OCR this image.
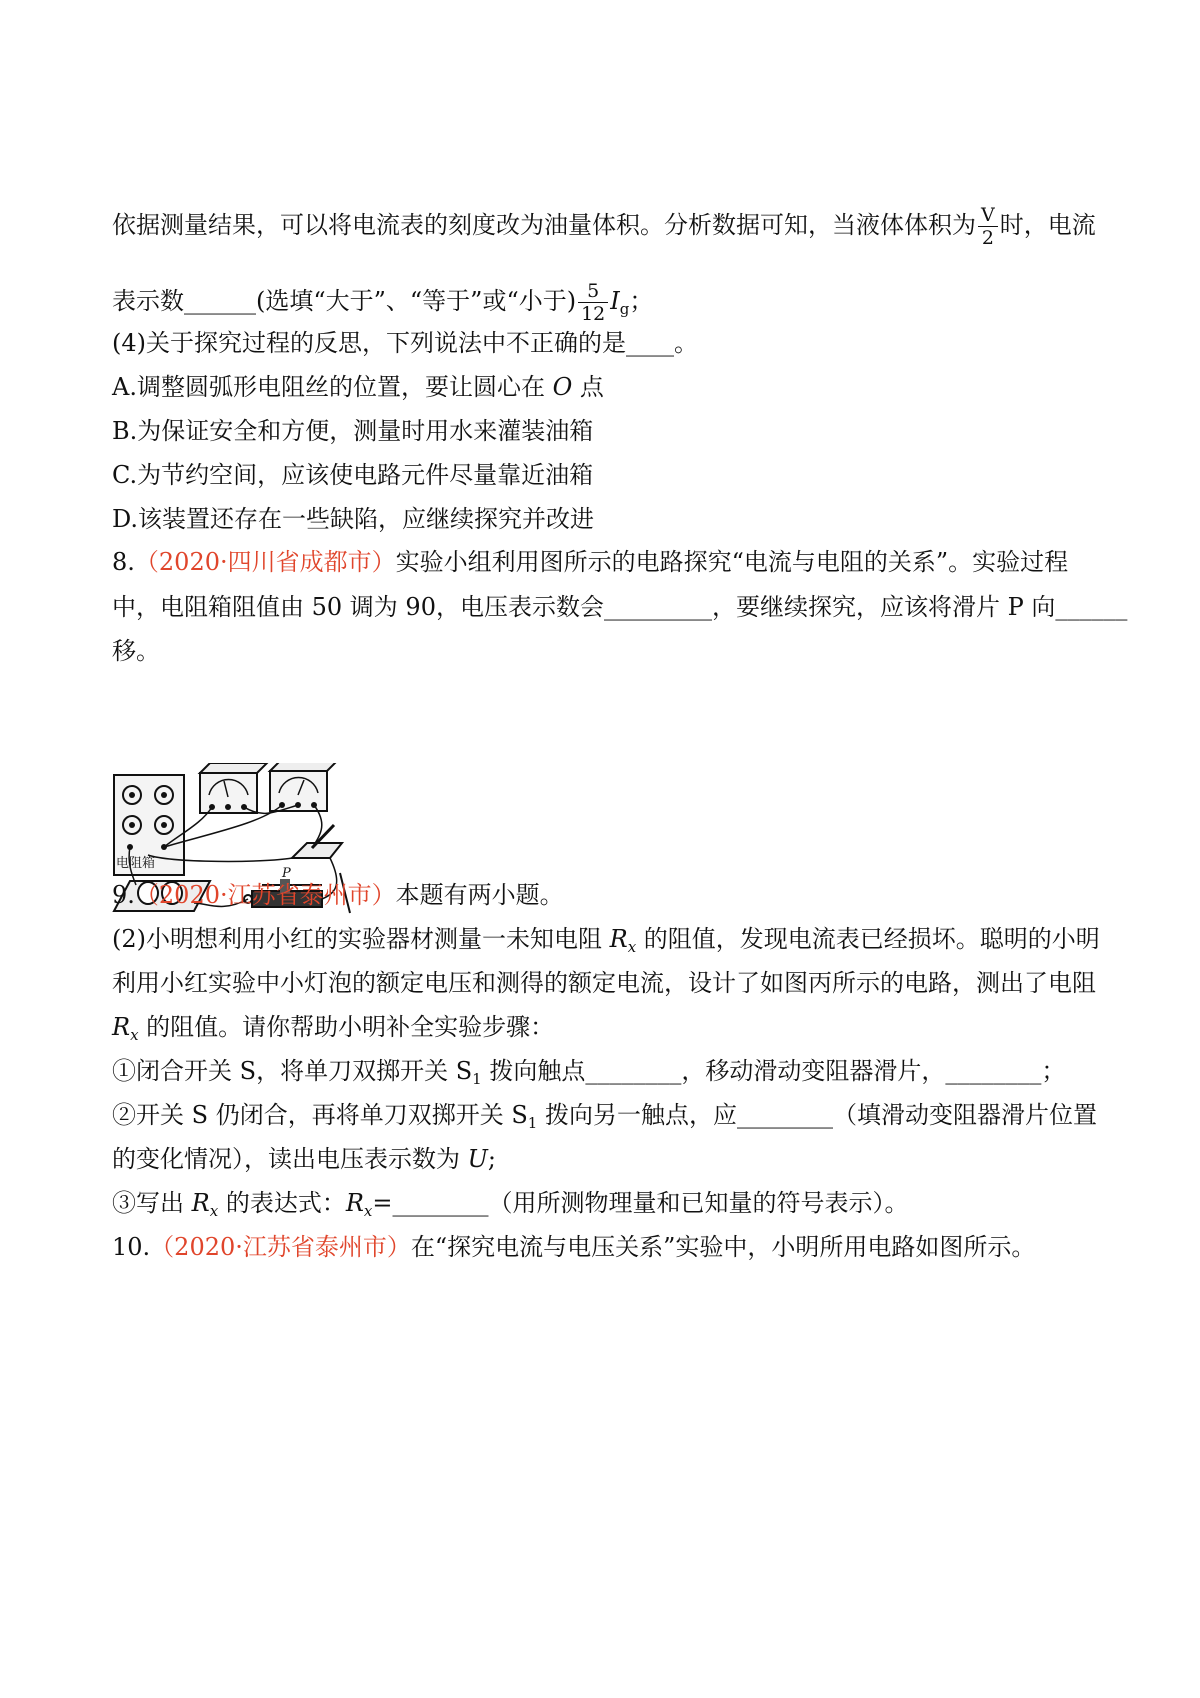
依据测量结果，可以将电流表的刻度改为油量体积。分析数据可知，当液体体积为 $\frac{V}{2}$ 时，电流
表示数______(选填“大于”、“等于”或“小于) $\frac{5}{12} I_g$；
(4)关于探究过程的反思，下列说法中不正确的是____。
A.调整圆弧形电阻丝的位置，要让圆心在 O 点
B.为保证安全和方便，测量时用水来灌装油箱
C.为节约空间，应该使电路元件尽量靠近油箱
D.该装置还存在一些缺陷，应继续探究并改进
8.（2020·四川省成都市）实验小组利用图所示的电路探究“电流与电阻的关系”。实验过程
中，电阻箱阻值由 50 调为 90，电压表示数会_________，要继续探究，应该将滑片 P 向______
移。
电阻箱
P
9.（2020·江苏省泰州市）本题有两小题。
(2)小明想利用小红的实验器材测量一未知电阻 $R_x$ 的阻值，发现电流表已经损坏。聪明的小明
利用小红实验中小灯泡的额定电压和测得的额定电流，设计了如图丙所示的电路，测出了电阻
$R_x$ 的阻值。请你帮助小明补全实验步骤：
①闭合开关 S，将单刀双掷开关 $S_1$ 拨向触点________，移动滑动变阻器滑片，________；
②开关 S 仍闭合，再将单刀双掷开关 $S_1$ 拨向另一触点，应________（填滑动变阻器滑片位置
的变化情况），读出电压表示数为 U;
③写出 $R_x$ 的表达式：$R_x=\_\_\_\_\_\_\_\_$（用所测物理量和已知量的符号表示）。
10.（2020·江苏省泰州市）在“探究电流与电压关系”实验中，小明所用电路如图所示。
